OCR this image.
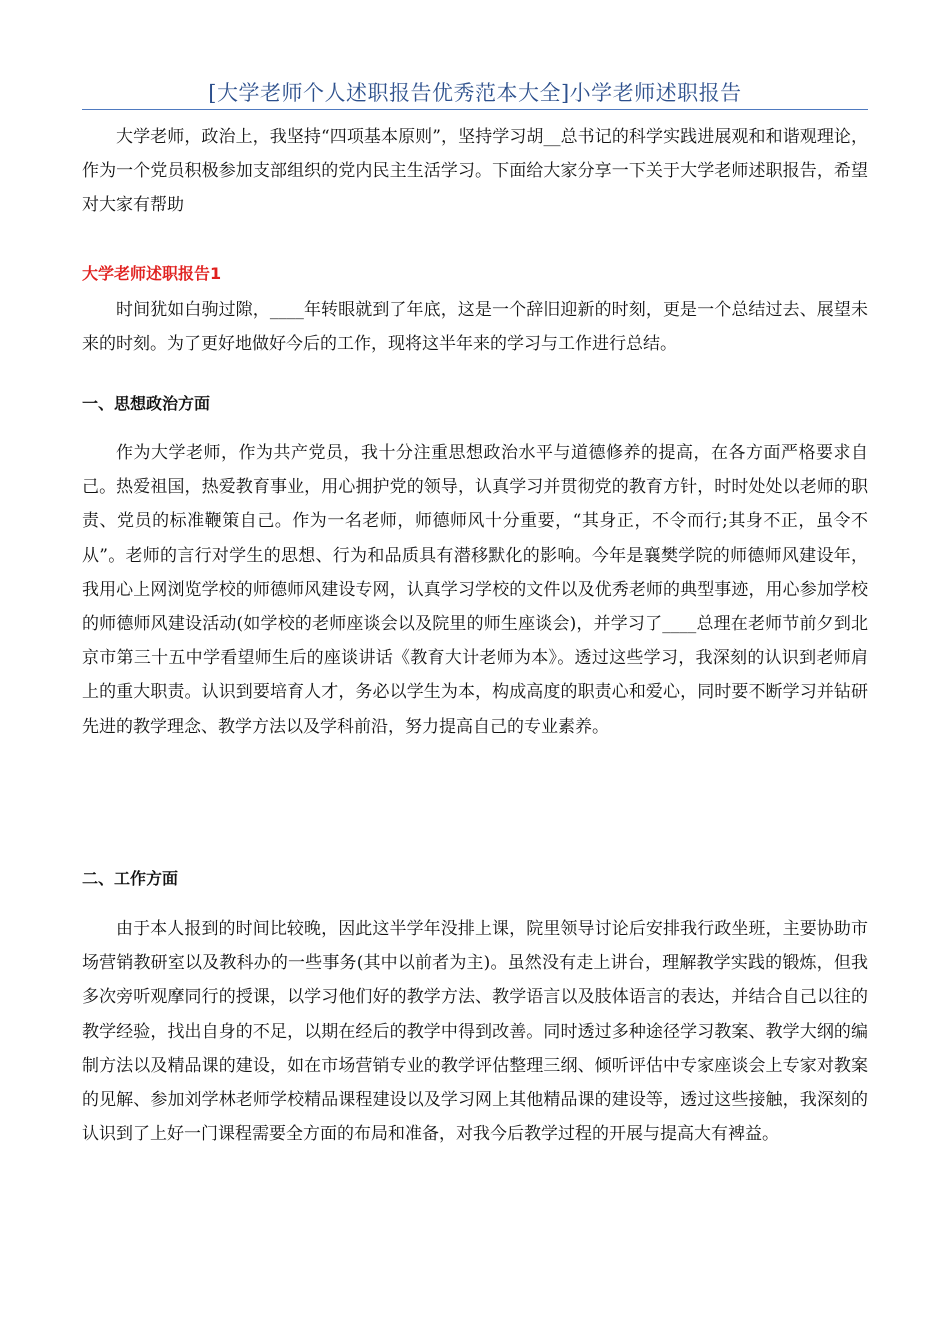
[大学老师个人述职报告优秀范本大全]小学老师述职报告

大学老师，政治上，我坚持“四项基本原则”，坚持学习胡__总书记的科学实践进展观和和谐观理论，作为一个党员积极参加支部组织的党内民主生活学习。下面给大家分享一下关于大学老师述职报告，希望对大家有帮助

大学老师述职报告1

时间犹如白驹过隙，____年转眼就到了年底，这是一个辞旧迎新的时刻，更是一个总结过去、展望未来的时刻。为了更好地做好今后的工作，现将这半年来的学习与工作进行总结。

一、思想政治方面

作为大学老师，作为共产党员，我十分注重思想政治水平与道德修养的提高，在各方面严格要求自己。热爱祖国，热爱教育事业，用心拥护党的领导，认真学习并贯彻党的教育方针，时时处处以老师的职责、党员的标准鞭策自己。作为一名老师，师德师风十分重要，“其身正，不令而行;其身不正，虽令不从”。老师的言行对学生的思想、行为和品质具有潜移默化的影响。今年是襄樊学院的师德师风建设年，我用心上网浏览学校的师德师风建设专网，认真学习学校的文件以及优秀老师的典型事迹，用心参加学校的师德师风建设活动(如学校的老师座谈会以及院里的师生座谈会)，并学习了____总理在老师节前夕到北京市第三十五中学看望师生后的座谈讲话《教育大计老师为本》。透过这些学习，我深刻的认识到老师肩上的重大职责。认识到要培育人才，务必以学生为本，构成高度的职责心和爱心，同时要不断学习并钻研先进的教学理念、教学方法以及学科前沿，努力提高自己的专业素养。

二、工作方面

由于本人报到的时间比较晚，因此这半学年没排上课，院里领导讨论后安排我行政坐班，主要协助市场营销教研室以及教科办的一些事务(其中以前者为主)。虽然没有走上讲台，理解教学实践的锻炼，但我多次旁听观摩同行的授课，以学习他们好的教学方法、教学语言以及肢体语言的表达，并结合自己以往的教学经验，找出自身的不足，以期在经后的教学中得到改善。同时透过多种途径学习教案、教学大纲的编制方法以及精品课的建设，如在市场营销专业的教学评估整理三纲、倾听评估中专家座谈会上专家对教案的见解、参加刘学林老师学校精品课程建设以及学习网上其他精品课的建设等，透过这些接触，我深刻的认识到了上好一门课程需要全方面的布局和准备，对我今后教学过程的开展与提高大有裨益。
